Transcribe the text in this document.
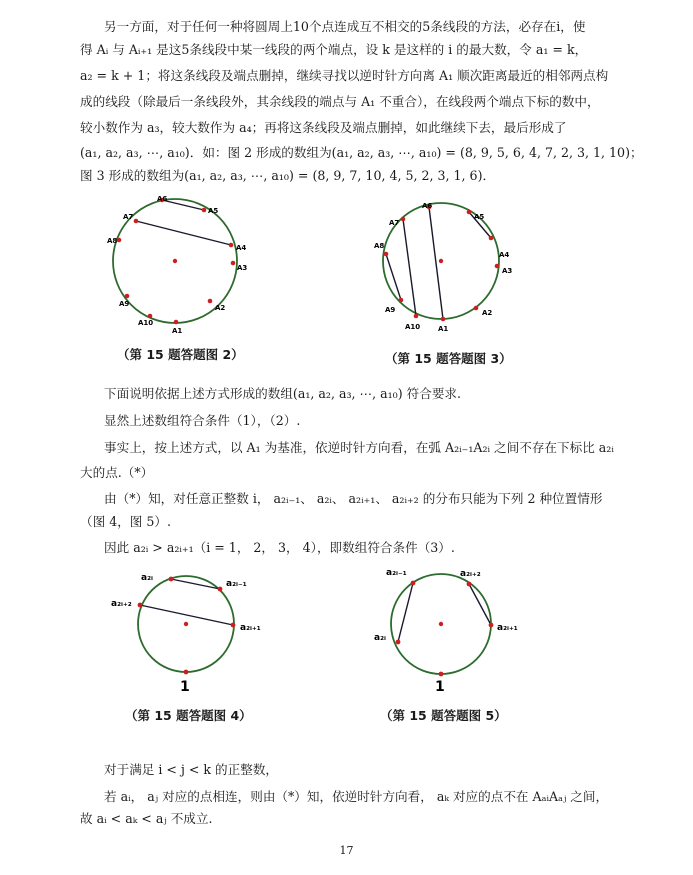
另一方面，对于任何一种将圆周上10个点连成互不相交的5条线段的方法，必存在i，使
得 Aᵢ 与 Aᵢ₊₁ 是这5条线段中某一线段的两个端点，设 k 是这样的 i 的最大数，令 a₁ = k，
a₂ = k + 1；将这条线段及端点删掉，继续寻找以逆时针方向离 A₁ 顺次距离最近的相邻两点构
成的线段（除最后一条线段外，其余线段的端点与 A₁ 不重合），在线段两个端点下标的数中，
较小数作为 a₃，较大数作为 a₄；再将这条线段及端点删掉，如此继续下去，最后形成了
(a₁, a₂, a₃, ⋯, a₁₀)．如：图 2 形成的数组为(a₁, a₂, a₃, ⋯, a₁₀) = (8, 9, 5, 6, 4, 7, 2, 3, 1, 10)；
图 3 形成的数组为(a₁, a₂, a₃, ⋯, a₁₀) = (8, 9, 7, 10, 4, 5, 2, 3, 1, 6)．
A1
A2
A3
A4
A5
A6
A7
A8
A9
A10
（第 15 题答题图 2）
A1
A2
A3
A4
A5
A6
A7
A8
A9
A10
（第 15 题答题图 3）
下面说明依据上述方式形成的数组(a₁, a₂, a₃, ⋯, a₁₀) 符合要求.
显然上述数组符合条件（1），（2）.
事实上，按上述方式，以 A₁ 为基准，依逆时针方向看，在弧 A₂ᵢ₋₁A₂ᵢ 之间不存在下标比 a₂ᵢ
大的点.（*）
由（*）知，对任意正整数 i， a₂ᵢ₋₁、 a₂ᵢ、 a₂ᵢ₊₁、 a₂ᵢ₊₂ 的分布只能为下列 2 种位置情形
（图 4，图 5）.
因此 a₂ᵢ > a₂ᵢ₊₁（i = 1， 2， 3， 4），即数组符合条件（3）.
a₂ᵢ
a₂ᵢ₋₁
a₂ᵢ₊₂
a₂ᵢ₊₁
1
（第 15 题答题图 4）
a₂ᵢ₋₁	a₂ᵢ₊₂
a₂ᵢ
a₂ᵢ₊₁
1
（第 15 题答题图 5）
对于满足 i < j < k 的正整数，
若 aᵢ， aⱼ 对应的点相连，则由（*）知，依逆时针方向看， aₖ 对应的点不在 AₐᵢAₐⱼ 之间，
故 aᵢ < aₖ < aⱼ 不成立.
17
